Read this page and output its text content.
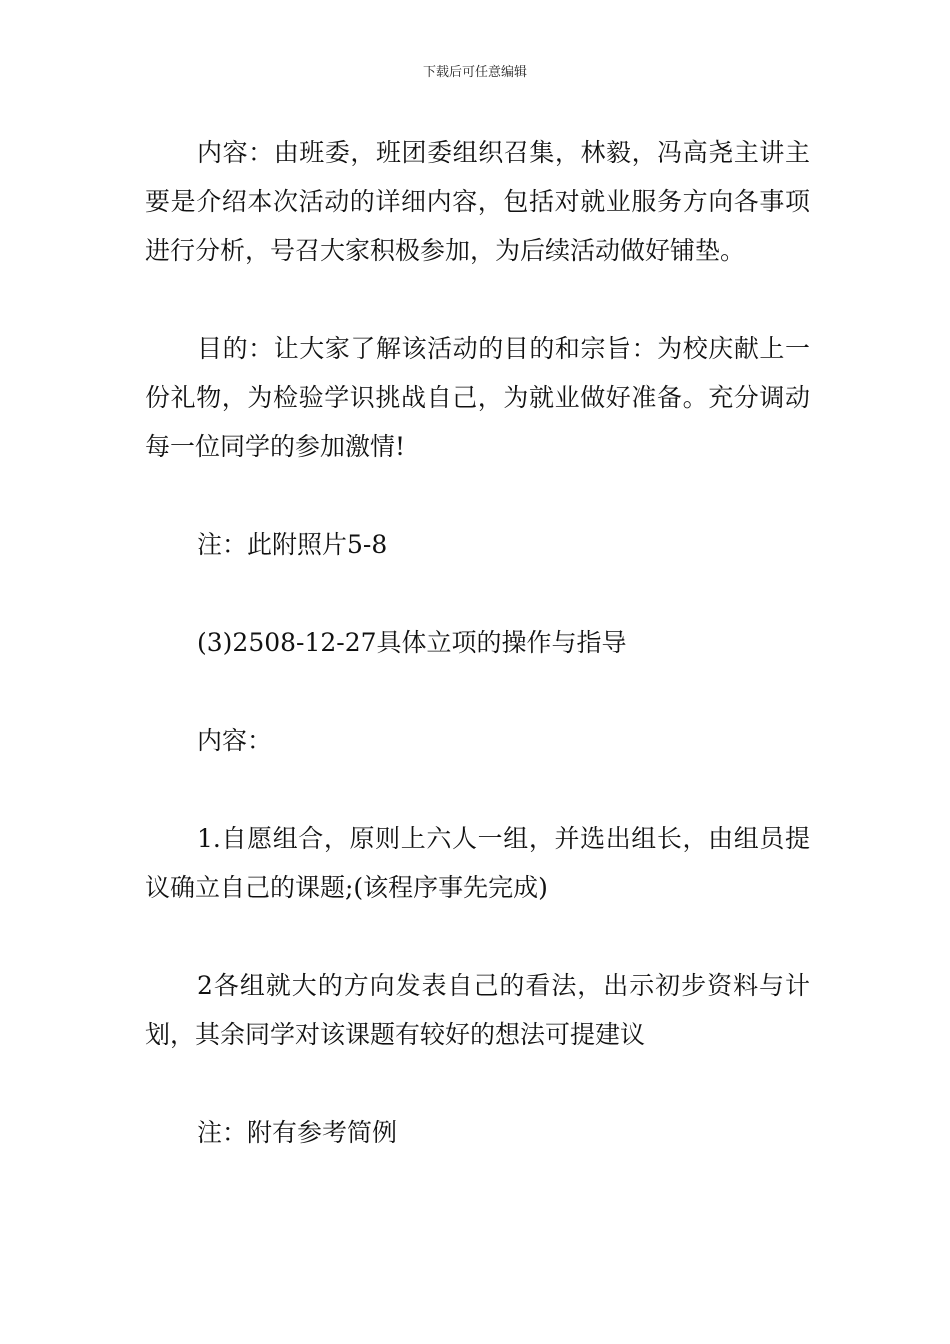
下载后可任意编辑

内容：由班委，班团委组织召集，林毅，冯高尧主讲主要是介绍本次活动的详细内容，包括对就业服务方向各事项进行分析，号召大家积极参加，为后续活动做好铺垫。

目的：让大家了解该活动的目的和宗旨：为校庆献上一份礼物，为检验学识挑战自己，为就业做好准备。充分调动每一位同学的参加激情!

注：此附照片5-8

(3)2508-12-27具体立项的操作与指导

内容：

1.自愿组合，原则上六人一组，并选出组长，由组员提议确立自己的课题;(该程序事先完成)

2各组就大的方向发表自己的看法，出示初步资料与计划，其余同学对该课题有较好的想法可提建议

注：附有参考简例
